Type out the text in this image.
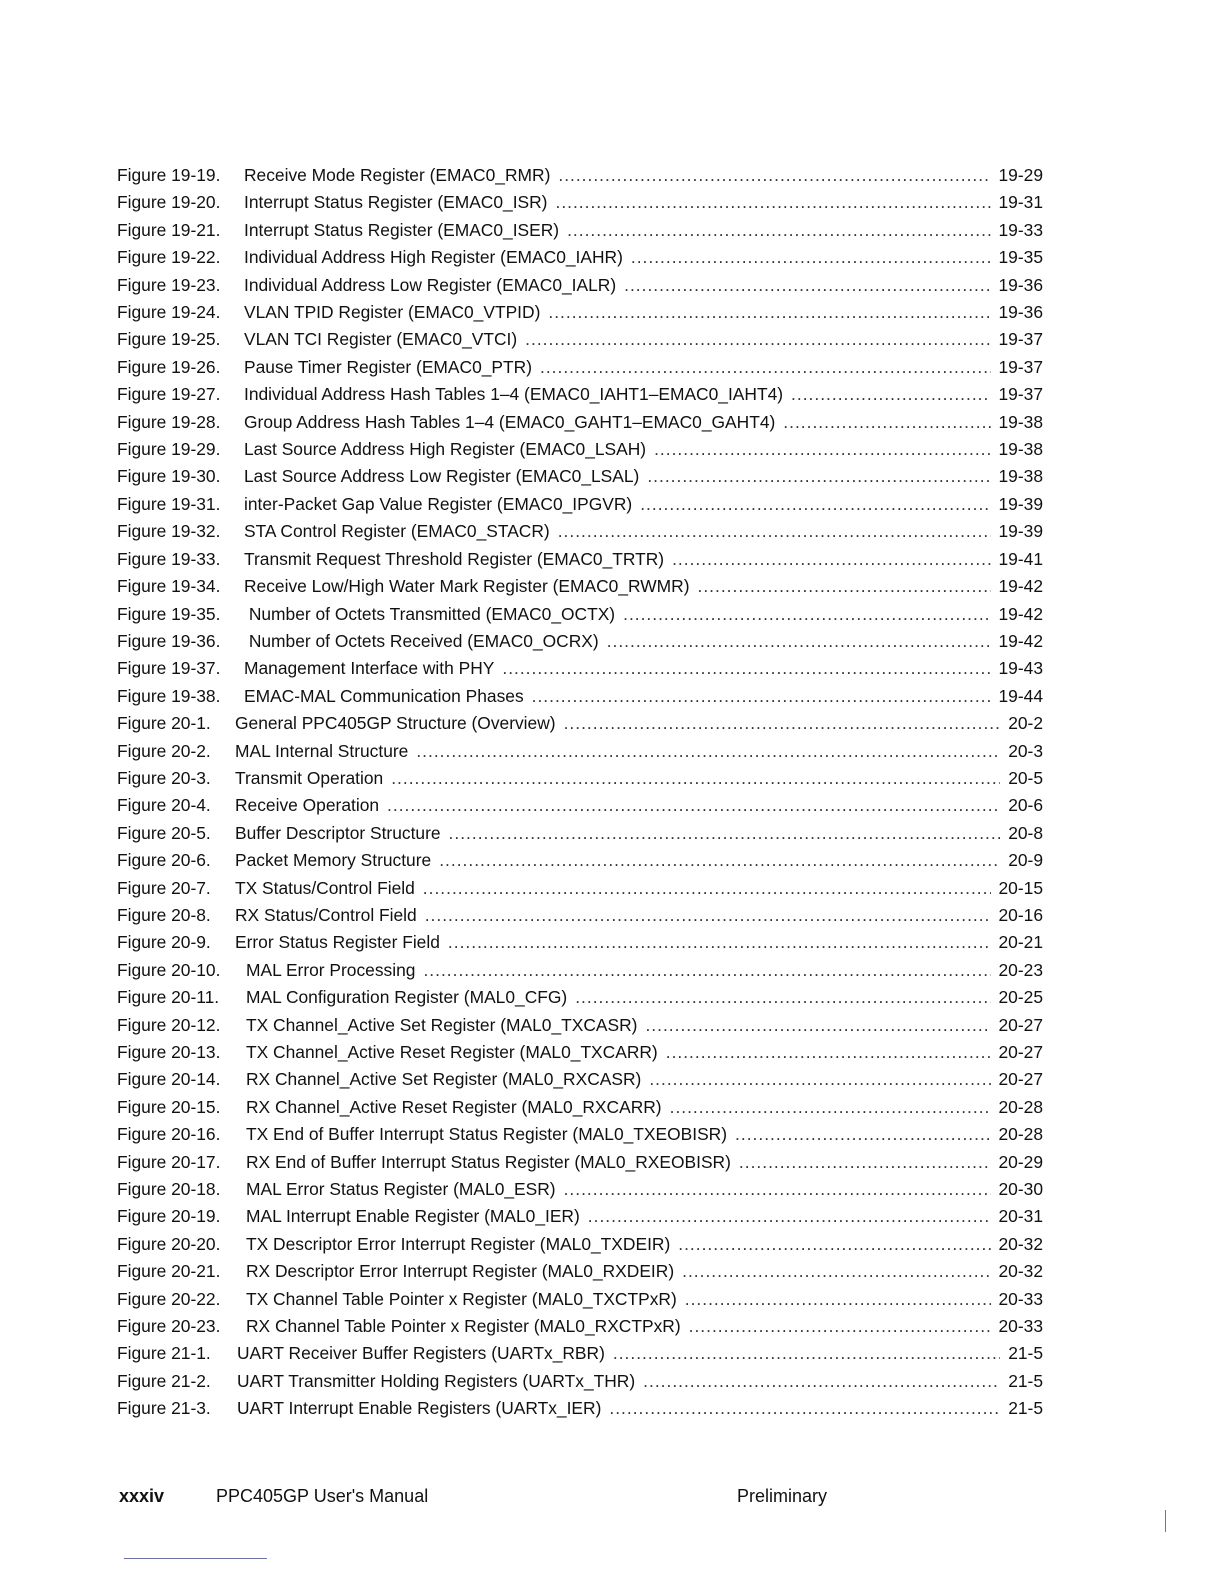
Figure 19-19.	Receive Mode Register (EMAC0_RMR) .....	19-29
Figure 19-20.	Interrupt Status Register (EMAC0_ISR) .....	19-31
Figure 19-21.	Interrupt Status Register (EMAC0_ISER) .....	19-33
Figure 19-22.	Individual Address High Register (EMAC0_IAHR) .....	19-35
Figure 19-23.	Individual Address Low Register (EMAC0_IALR) .....	19-36
Figure 19-24.	VLAN TPID Register (EMAC0_VTPID) .....	19-36
Figure 19-25.	VLAN TCI Register (EMAC0_VTCI) .....	19-37
Figure 19-26.	Pause Timer Register (EMAC0_PTR) .....	19-37
Figure 19-27.	Individual Address Hash Tables 1–4 (EMAC0_IAHT1–EMAC0_IAHT4) .....	19-37
Figure 19-28.	Group Address Hash Tables 1–4 (EMAC0_GAHT1–EMAC0_GAHT4) .....	19-38
Figure 19-29.	Last Source Address High Register (EMAC0_LSAH) .....	19-38
Figure 19-30.	Last Source Address Low Register (EMAC0_LSAL) .....	19-38
Figure 19-31.	inter-Packet Gap Value Register (EMAC0_IPGVR) .....	19-39
Figure 19-32.	STA Control Register (EMAC0_STACR) .....	19-39
Figure 19-33.	Transmit Request Threshold Register (EMAC0_TRTR) .....	19-41
Figure 19-34.	Receive Low/High Water Mark Register (EMAC0_RWMR) .....	19-42
Figure 19-35.	Number of Octets Transmitted (EMAC0_OCTX) .....	19-42
Figure 19-36.	Number of Octets Received (EMAC0_OCRX) .....	19-42
Figure 19-37.	Management Interface with PHY .....	19-43
Figure 19-38.	EMAC-MAL Communication Phases .....	19-44
Figure 20-1.	General PPC405GP Structure (Overview) .....	20-2
Figure 20-2.	MAL Internal Structure .....	20-3
Figure 20-3.	Transmit Operation .....	20-5
Figure 20-4.	Receive Operation .....	20-6
Figure 20-5.	Buffer Descriptor Structure .....	20-8
Figure 20-6.	Packet Memory Structure .....	20-9
Figure 20-7.	TX Status/Control Field .....	20-15
Figure 20-8.	RX Status/Control Field .....	20-16
Figure 20-9.	Error Status Register Field .....	20-21
Figure 20-10.	MAL Error Processing .....	20-23
Figure 20-11.	MAL Configuration Register (MAL0_CFG) .....	20-25
Figure 20-12.	TX Channel_Active Set Register (MAL0_TXCASR) .....	20-27
Figure 20-13.	TX Channel_Active Reset Register (MAL0_TXCARR) .....	20-27
Figure 20-14.	RX Channel_Active Set Register (MAL0_RXCASR) .....	20-27
Figure 20-15.	RX Channel_Active Reset Register (MAL0_RXCARR) .....	20-28
Figure 20-16.	TX End of Buffer Interrupt Status Register (MAL0_TXEOBISR) .....	20-28
Figure 20-17.	RX End of Buffer Interrupt Status Register (MAL0_RXEOBISR) .....	20-29
Figure 20-18.	MAL Error Status Register (MAL0_ESR) .....	20-30
Figure 20-19.	MAL Interrupt Enable Register (MAL0_IER) .....	20-31
Figure 20-20.	TX Descriptor Error Interrupt Register (MAL0_TXDEIR) .....	20-32
Figure 20-21.	RX Descriptor Error Interrupt Register (MAL0_RXDEIR) .....	20-32
Figure 20-22.	TX Channel Table Pointer x Register (MAL0_TXCTPxR) .....	20-33
Figure 20-23.	RX Channel Table Pointer x Register (MAL0_RXCTPxR) .....	20-33
Figure 21-1.	UART Receiver Buffer Registers (UARTx_RBR) .....	21-5
Figure 21-2.	UART Transmitter Holding Registers (UARTx_THR) .....	21-5
Figure 21-3.	UART Interrupt Enable Registers (UARTx_IER) .....	21-5
xxxiv	PPC405GP User's Manual	Preliminary
